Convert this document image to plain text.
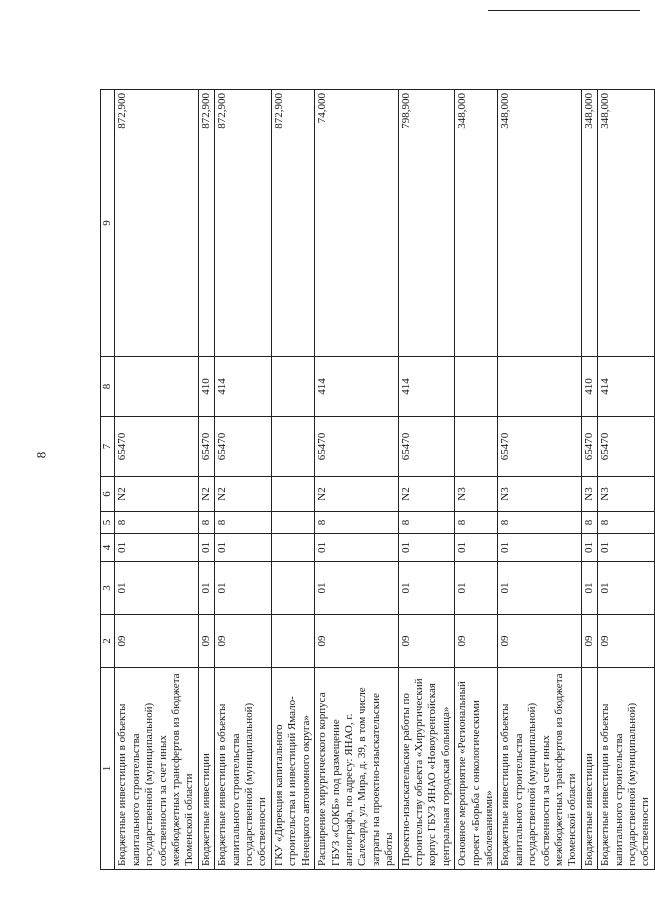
8
1	2	3	4	5	6	7	8	9
Бюджетные инвестиции в объекты капитального строительства государственной (муниципальной) собственности за счет иных межбюджетных трансфертов из бюджета Тюменской области	09	01	01	8	N2	65470		872,900
Бюджетные инвестиции	09	01	01	8	N2	65470	410	872,900
Бюджетные инвестиции в объекты капитального строительства государственной (муниципальной) собственности	09	01	01	8	N2	65470	414	872,900
ГКУ «Дирекция капитального строительства и инвестиций Ямало-Ненецкого автономного округа»								872,900
Расширение хирургического корпуса ГБУЗ «СОКБ» под размещение ангиографа, по адресу: ЯНАО, г. Салехард, ул. Мира, д. 39, в том числе затраты на проектно-изыскательские работы	09	01	01	8	N2	65470	414	74,000
Проектно-изыскательские работы по строительству объекта «Хирургический корпус ГБУЗ ЯНАО «Новоуренгойская центральная городская больница»	09	01	01	8	N2	65470	414	798,900
Основное мероприятие «Региональный проект «Борьба с онкологическими заболеваниями»	09	01	01	8	N3			348,000
Бюджетные инвестиции в объекты капитального строительства государственной (муниципальной) собственности за счет иных межбюджетных трансфертов из бюджета Тюменской области	09	01	01	8	N3	65470		348,000
Бюджетные инвестиции	09	01	01	8	N3	65470	410	348,000
Бюджетные инвестиции в объекты капитального строительства государственной (муниципальной) собственности	09	01	01	8	N3	65470	414	348,000
